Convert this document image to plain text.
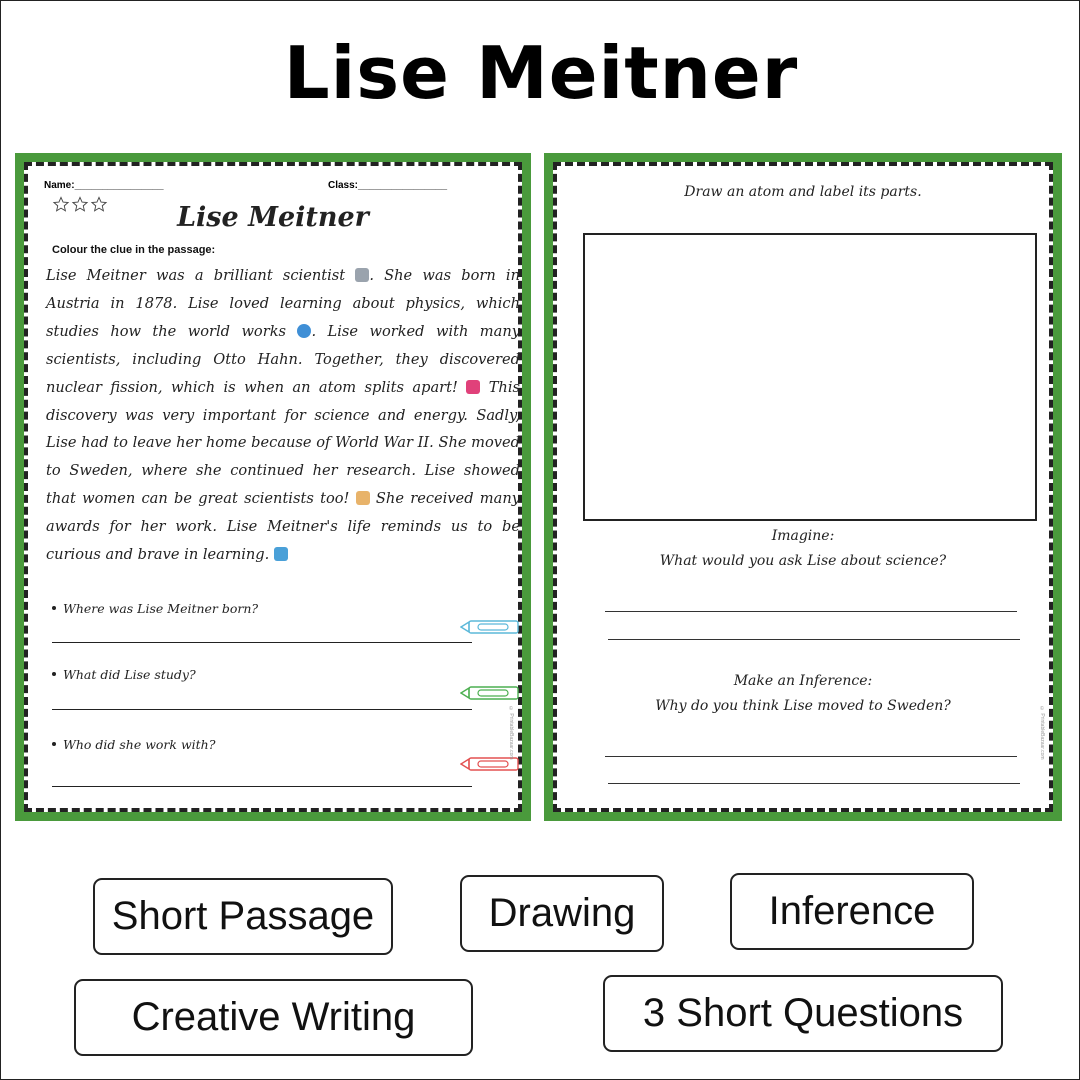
Lise Meitner
Name:________________	Class:________________
Lise Meitner
Colour the clue in the passage:
Lise Meitner was a brilliant scientist . She was born in Austria in 1878. Lise loved learning about physics, which studies how the world works . Lise worked with many scientists, including Otto Hahn. Together, they discovered nuclear fission, which is when an atom splits apart!  This discovery was very important for science and energy. Sadly, Lise had to leave her home because of World War II. She moved to Sweden, where she continued her research. Lise showed that women can be great scientists too!  She received many awards for her work. Lise Meitner's life reminds us to be curious and brave in learning.
Where was Lise Meitner born?
What did Lise study?
Who did she work with?	© PrintableBazaar.com
Draw an atom and label its parts.
Imagine:
What would you ask Lise about science?
Make an Inference:
Why do you think Lise moved to Sweden?	© PrintableBazaar.com
Short Passage	Drawing	Inference
Creative Writing	3 Short Questions
